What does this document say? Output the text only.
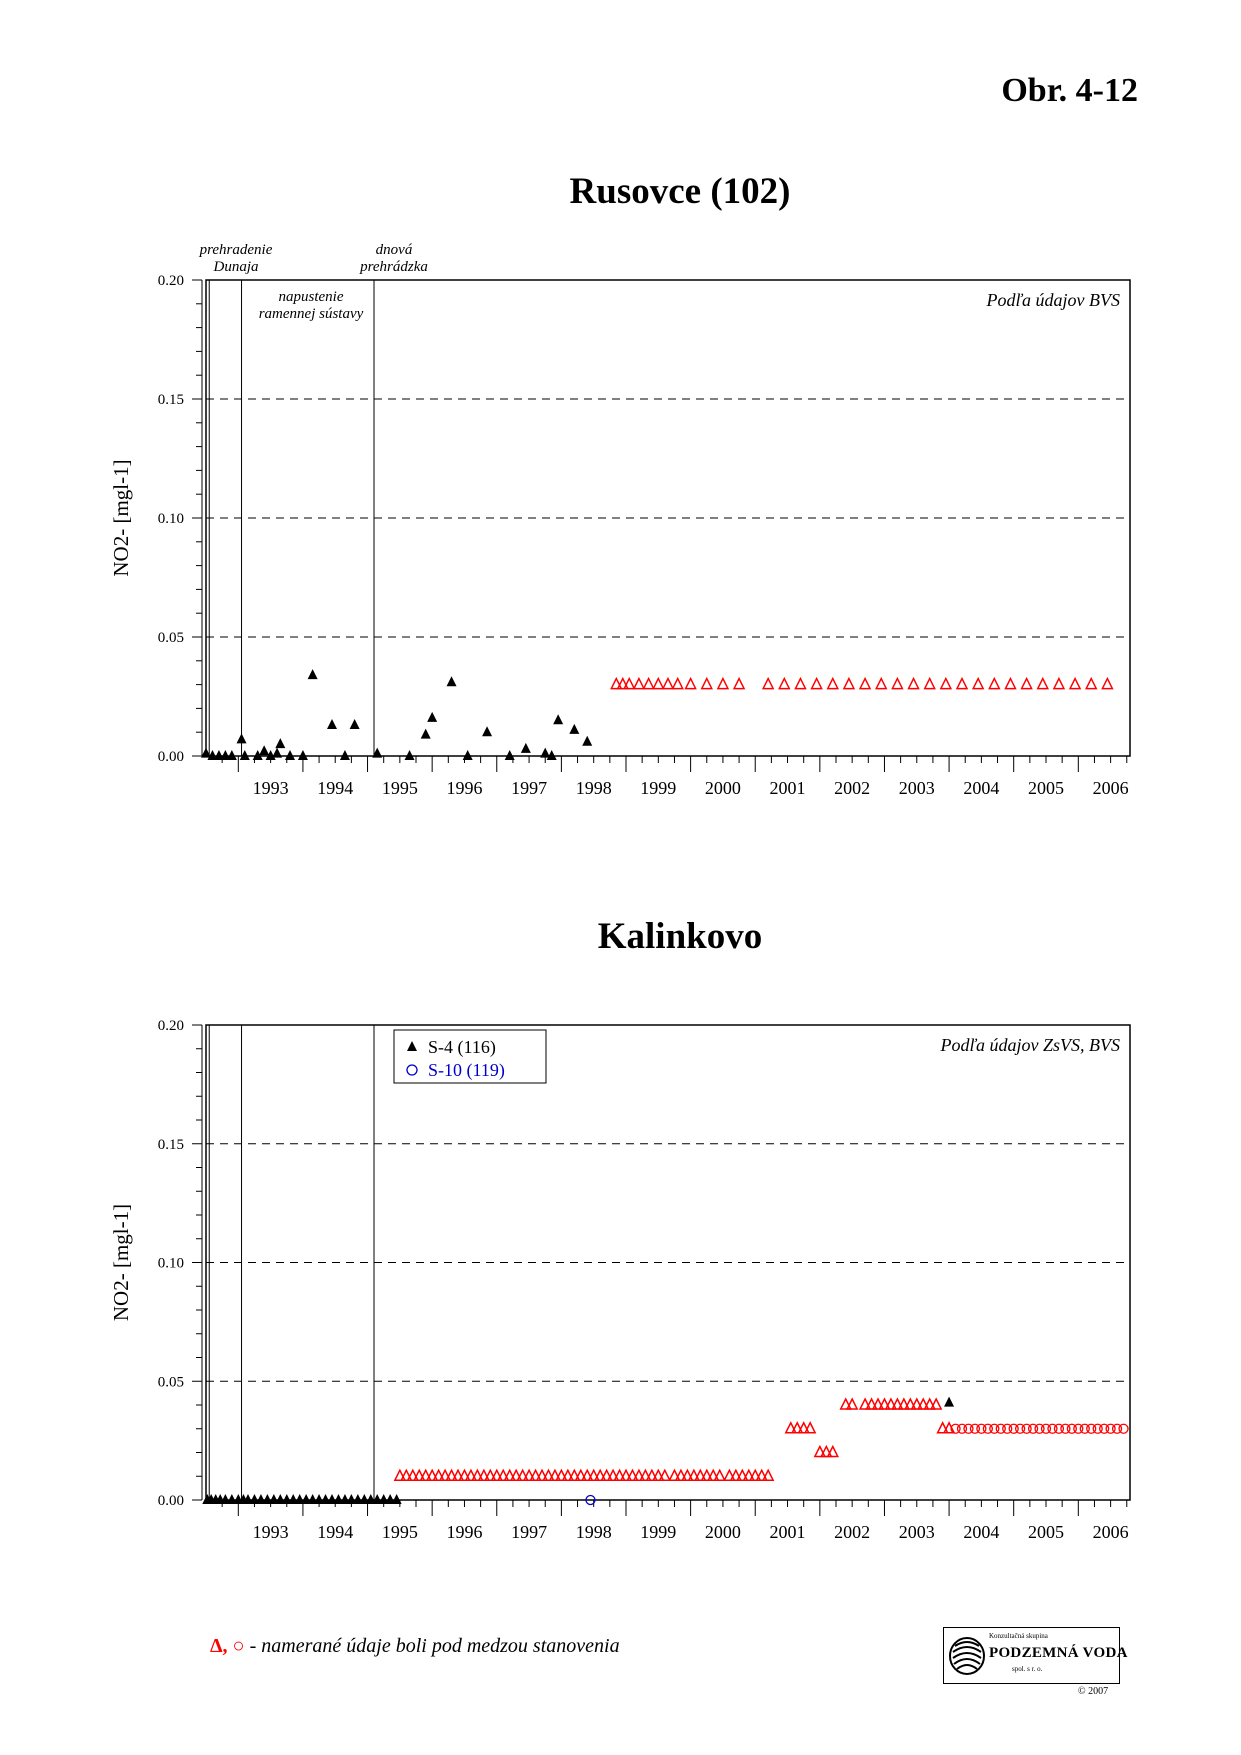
Obr. 4-12
Rusovce (102)
Kalinkovo
0.00
0.05
0.10
0.15
0.20
NO2- [mgl-1]
1993 1994 1995 1996 1997 1998 1999 2000 2001 2002 2003 2004 2005 2006
prehradenie
Dunaja
napustenie
ramennej sústavy
dnová
prehrádzka
Podľa údajov BVS
0.00
0.05
0.10
0.15
0.20
NO2- [mgl-1]
1993 1994 1995 1996 1997 1998 1999 2000 2001 2002 2003 2004 2005 2006
Podľa údajov ZsVS, BVS
S-4 (116)
S-10 (119)
Δ, ○ - namerané údaje boli pod medzou stanovenia	Konzultačná skupina
PODZEMNÁ VODA
spol. s r. o.
© 2007
